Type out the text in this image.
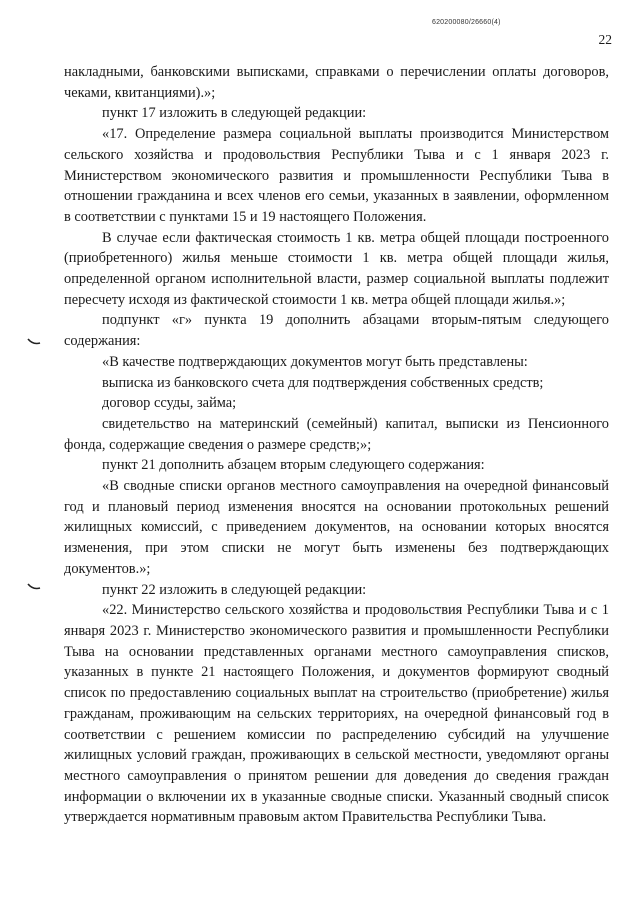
620200080/26660(4)
22

накладными, банковскими выписками, справками о перечислении оплаты договоров, чеками, квитанциями).»;

пункт 17 изложить в следующей редакции:

«17. Определение размера социальной выплаты производится Министерством сельского хозяйства и продовольствия Республики Тыва и с 1 января 2023 г. Министерством экономического развития и промышленности Республики Тыва в отношении гражданина и всех членов его семьи, указанных в заявлении, оформленном в соответствии с пунктами 15 и 19 настоящего Положения.

В случае если фактическая стоимость 1 кв. метра общей площади построенного (приобретенного) жилья меньше стоимости 1 кв. метра общей площади жилья, определенной органом исполнительной власти, размер социальной выплаты подлежит пересчету исходя из фактической стоимости 1 кв. метра общей площади жилья.»;

подпункт «г» пункта 19 дополнить абзацами вторым-пятым следующего содержания:

«В качестве подтверждающих документов могут быть представлены:

выписка из банковского счета для подтверждения собственных средств;

договор ссуды, займа;

свидетельство на материнский (семейный) капитал, выписки из Пенсионного фонда, содержащие сведения о размере средств;»;

пункт 21 дополнить абзацем вторым следующего содержания:

«В сводные списки органов местного самоуправления на очередной финансовый год и плановый период изменения вносятся на основании протокольных решений жилищных комиссий, с приведением документов, на основании которых вносятся изменения, при этом списки не могут быть изменены без подтверждающих документов.»;

пункт 22 изложить в следующей редакции:

«22. Министерство сельского хозяйства и продовольствия Республики Тыва и с 1 января 2023 г. Министерство экономического развития и промышленности Республики Тыва на основании представленных органами местного самоуправления списков, указанных в пункте 21 настоящего Положения, и документов формируют сводный список по предоставлению социальных выплат на строительство (приобретение) жилья гражданам, проживающим на сельских территориях, на очередной финансовый год в соответствии с решением комиссии по распределению субсидий на улучшение жилищных условий граждан, проживающих в сельской местности, уведомляют органы местного самоуправления о принятом решении для доведения до сведения граждан информации о включении их в указанные сводные списки. Указанный сводный список утверждается нормативным правовым актом Правительства Республики Тыва.
